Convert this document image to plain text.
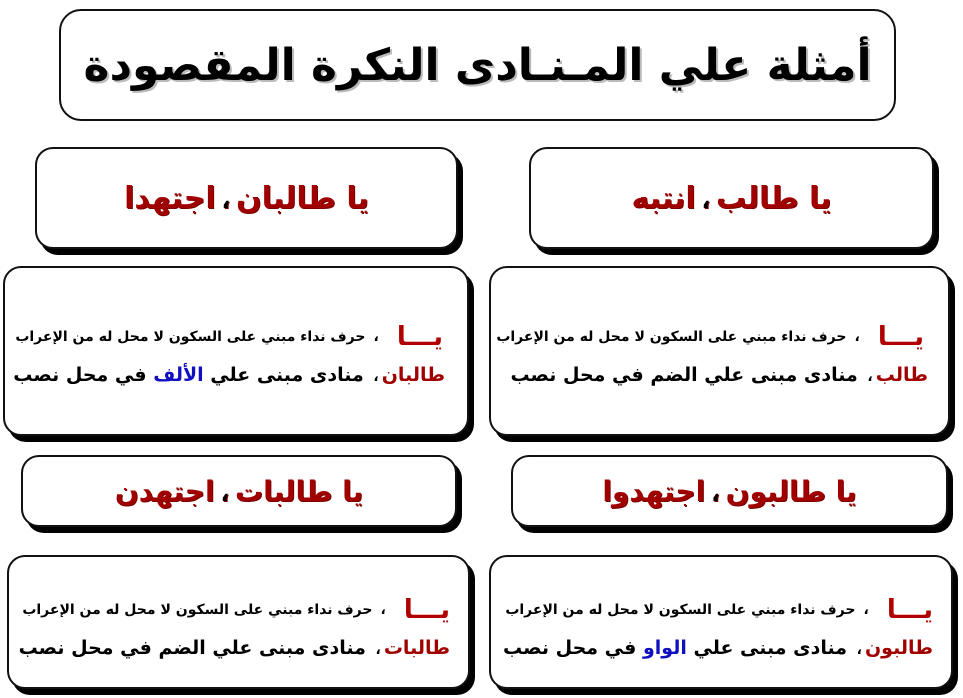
أمثلة علي المـنـادى النكرة المقصودة
يا طالب،انتبه
يا طالبان،اجتهدا
يـــا،حرف نداء مبني على السكون لا محل له من الإعراب
طالب، منادى مبنى علي الضم في محل نصب
يـــا،حرف نداء مبني على السكون لا محل له من الإعراب
طالبان، منادى مبنى علي الألف في محل نصب
يا طالبون،اجتهدوا
يا طالبات،اجتهدن
يـــا،حرف نداء مبني على السكون لا محل له من الإعراب
طالبون، منادى مبنى علي الواو في محل نصب
يـــا،حرف نداء مبني على السكون لا محل له من الإعراب
طالبات، منادى مبنى علي الضم في محل نصب
